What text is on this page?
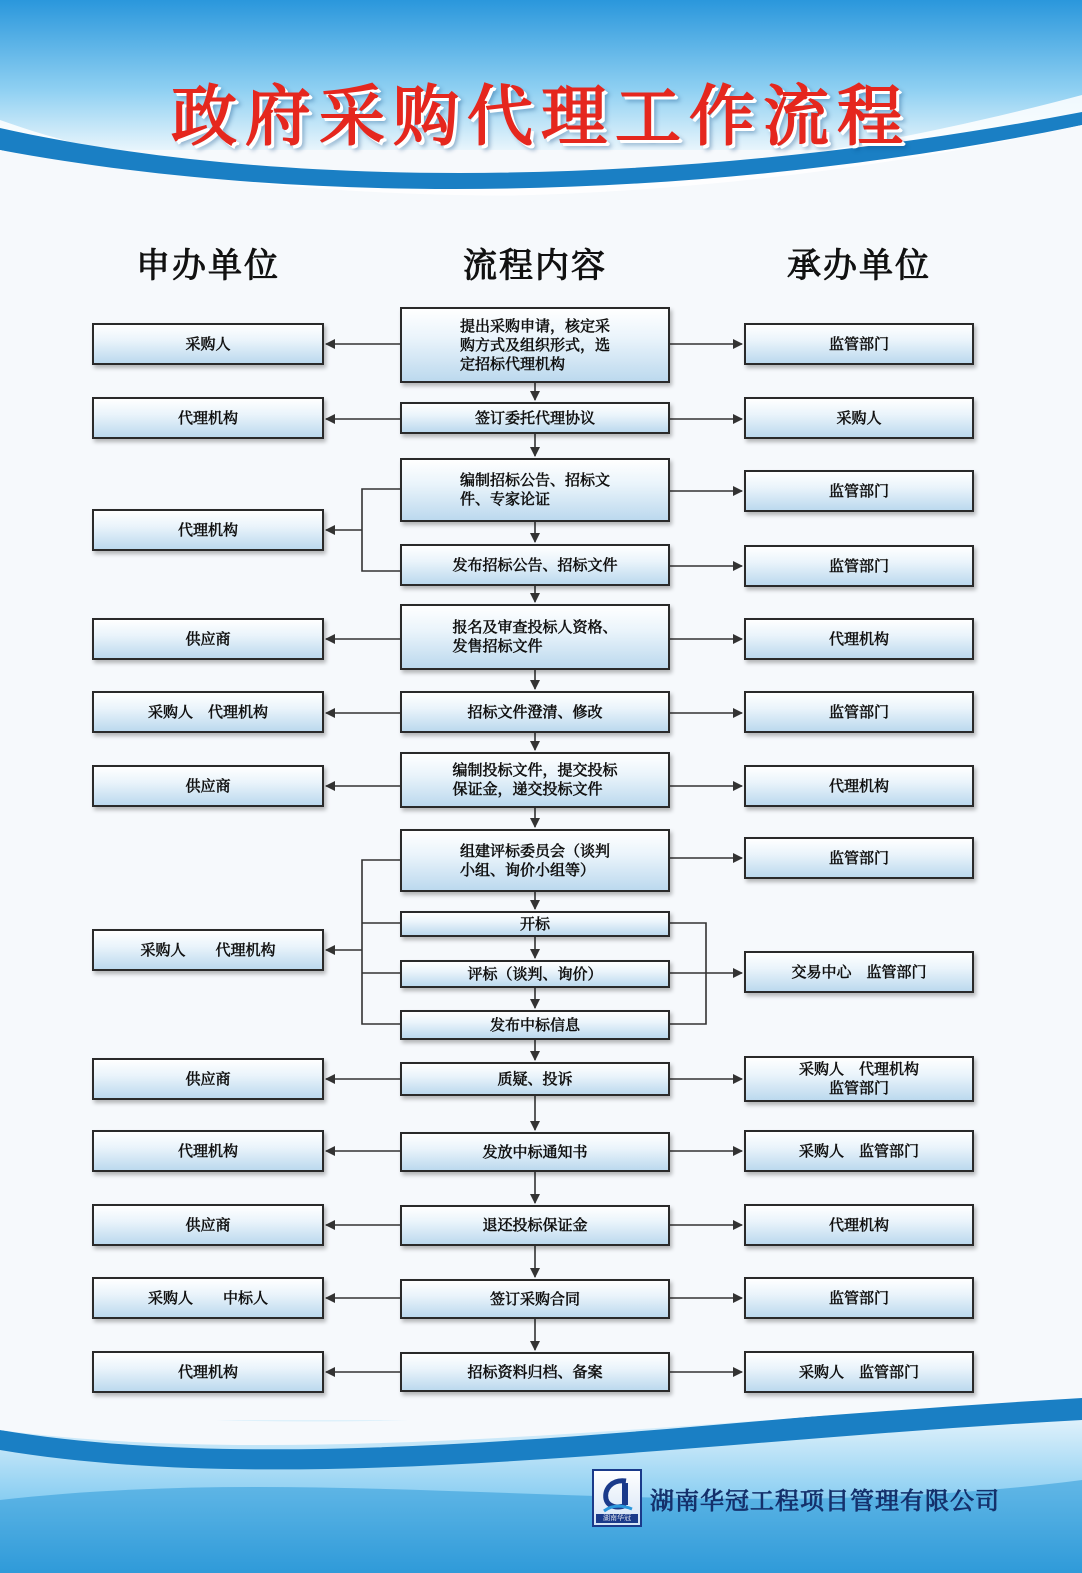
政府采购代理工作流程
申办单位	流程内容	承办单位
采购人
代理机构
代理机构
供应商
采购人　代理机构
供应商
采购人　　代理机构
供应商
代理机构
供应商
采购人　　中标人
代理机构
提出采购申请，核定采
购方式及组织形式，选
定招标代理机构
签订委托代理协议
编制招标公告、招标文
件、专家论证
发布招标公告、招标文件
报名及审查投标人资格、
发售招标文件
招标文件澄清、修改
编制投标文件，提交投标
保证金，递交投标文件
组建评标委员会（谈判
小组、询价小组等）
开标
评标（谈判、询价）
发布中标信息
质疑、投诉
发放中标通知书
退还投标保证金
签订采购合同
招标资料归档、备案
监管部门
采购人
监管部门
监管部门
代理机构
监管部门
代理机构
监管部门
交易中心　监管部门
采购人　代理机构
监管部门
采购人　监管部门
代理机构
监管部门
采购人　监管部门
湖南华冠
湖南华冠工程项目管理有限公司
